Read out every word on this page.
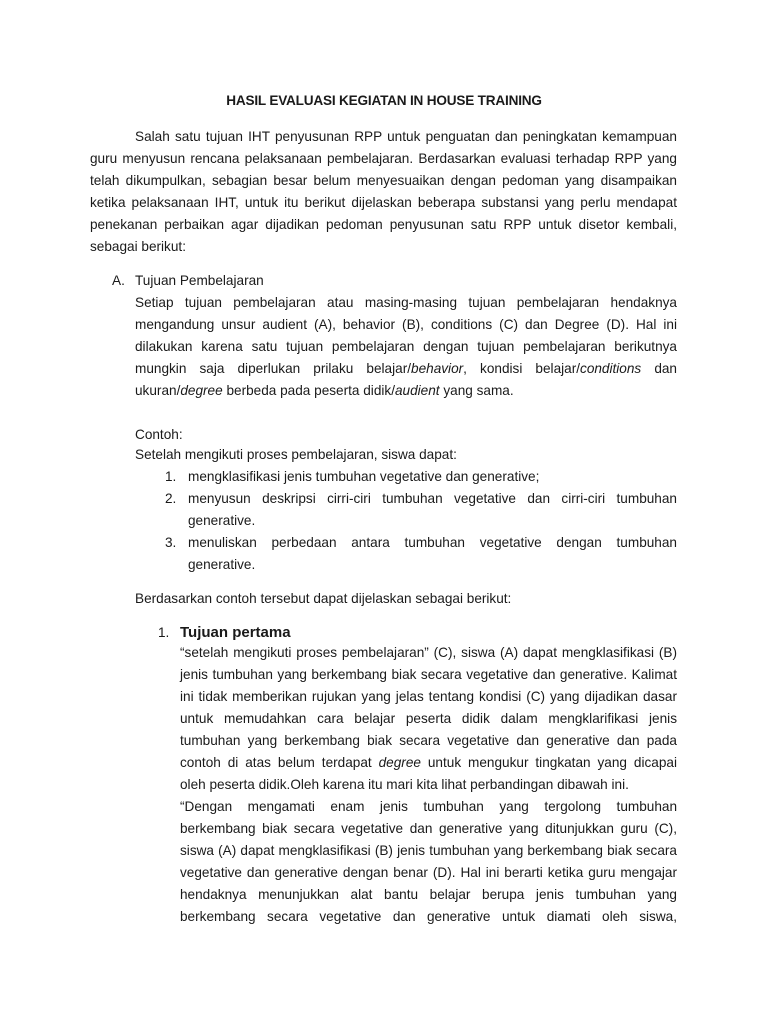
HASIL EVALUASI KEGIATAN IN HOUSE TRAINING
Salah satu tujuan IHT penyusunan RPP untuk penguatan dan peningkatan kemampuan
guru menyusun rencana pelaksanaan pembelajaran. Berdasarkan evaluasi terhadap RPP yang
telah dikumpulkan, sebagian besar belum menyesuaikan dengan pedoman yang disampaikan
ketika pelaksanaan IHT, untuk itu berikut dijelaskan beberapa substansi yang perlu mendapat
penekanan perbaikan agar dijadikan pedoman penyusunan satu RPP untuk disetor kembali,
sebagai berikut:
A. Tujuan Pembelajaran
Setiap tujuan pembelajaran atau masing-masing tujuan pembelajaran hendaknya
mengandung unsur audient (A), behavior (B), conditions (C) dan Degree (D). Hal ini
dilakukan karena satu tujuan pembelajaran dengan tujuan pembelajaran berikutnya
mungkin saja diperlukan prilaku belajar/behavior, kondisi belajar/conditions dan
ukuran/degree berbeda pada peserta didik/audient yang sama.
Contoh:
Setelah mengikuti proses pembelajaran, siswa dapat:
1. mengklasifikasi jenis tumbuhan vegetative dan generative;
2. menyusun deskripsi cirri-ciri tumbuhan vegetative dan cirri-ciri tumbuhan
generative.
3. menuliskan perbedaan antara tumbuhan vegetative dengan tumbuhan
generative.
Berdasarkan contoh tersebut dapat dijelaskan sebagai berikut:
1. Tujuan pertama
“setelah mengikuti proses pembelajaran” (C), siswa (A) dapat mengklasifikasi (B)
jenis tumbuhan yang berkembang biak secara vegetative dan generative. Kalimat
ini tidak memberikan rujukan yang jelas tentang kondisi (C) yang dijadikan dasar
untuk memudahkan cara belajar peserta didik dalam mengklarifikasi jenis
tumbuhan yang berkembang biak secara vegetative dan generative dan pada
contoh di atas belum terdapat degree untuk mengukur tingkatan yang dicapai
oleh peserta didik.Oleh karena itu mari kita lihat perbandingan dibawah ini.
“Dengan mengamati enam jenis tumbuhan yang tergolong tumbuhan
berkembang biak secara vegetative dan generative yang ditunjukkan guru (C),
siswa (A) dapat mengklasifikasi (B) jenis tumbuhan yang berkembang biak secara
vegetative dan generative dengan benar (D). Hal ini berarti ketika guru mengajar
hendaknya menunjukkan alat bantu belajar berupa jenis tumbuhan yang
berkembang secara vegetative dan generative untuk diamati oleh siswa,
